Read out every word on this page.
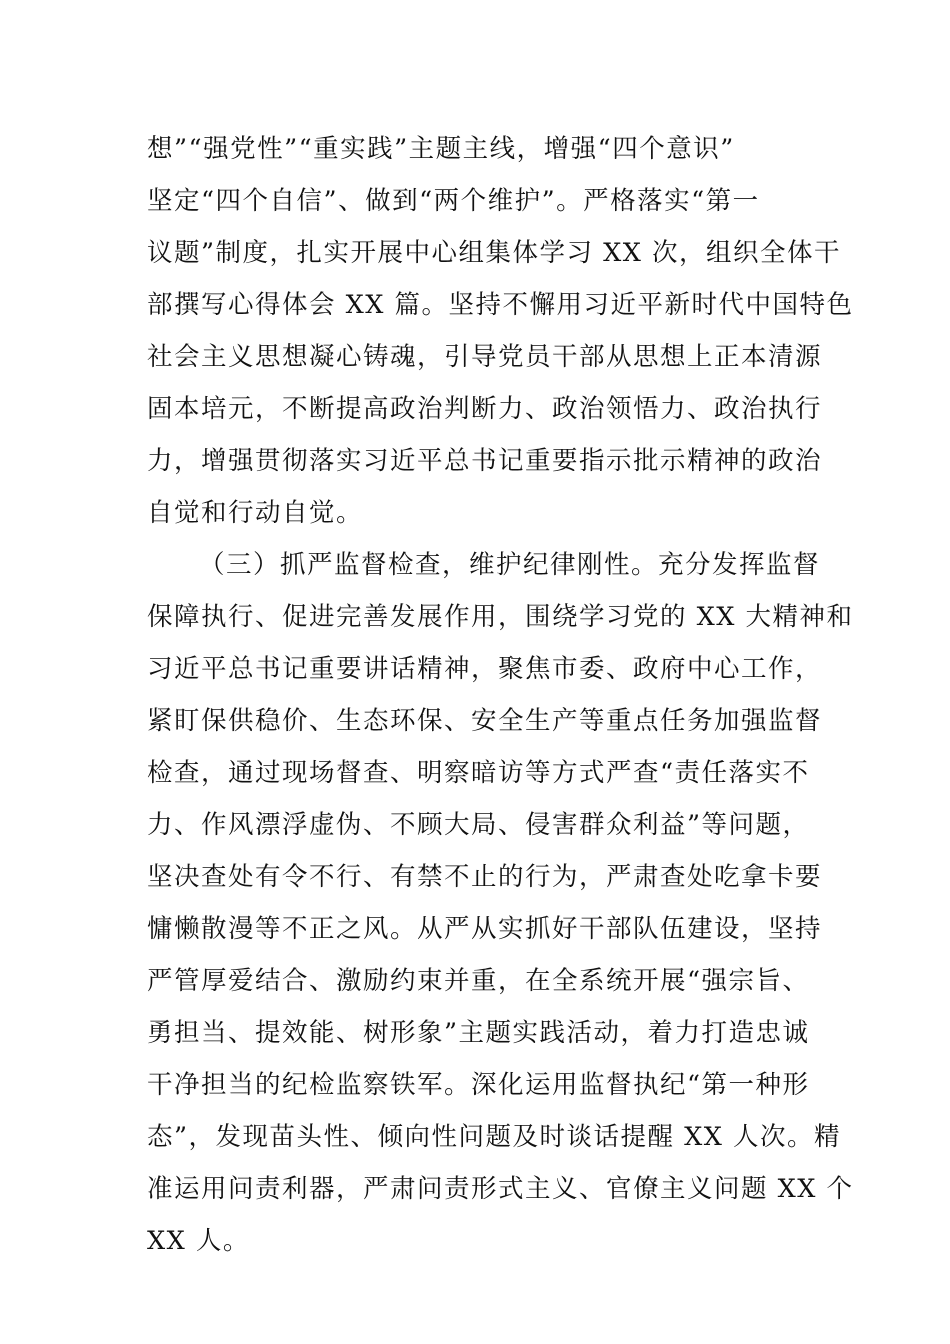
想”“强党性”“重实践”主题主线，增强“四个意识”
坚定“四个自信”、做到“两个维护”。严格落实“第一
议题”制度，扎实开展中心组集体学习 XX 次，组织全体干
部撰写心得体会 XX 篇。坚持不懈用习近平新时代中国特色
社会主义思想凝心铸魂，引导党员干部从思想上正本清源
固本培元，不断提高政治判断力、政治领悟力、政治执行
力，增强贯彻落实习近平总书记重要指示批示精神的政治
自觉和行动自觉。
（三）抓严监督检查，维护纪律刚性。充分发挥监督
保障执行、促进完善发展作用，围绕学习党的 XX 大精神和
习近平总书记重要讲话精神，聚焦市委、政府中心工作，
紧盯保供稳价、生态环保、安全生产等重点任务加强监督
检查，通过现场督查、明察暗访等方式严查“责任落实不
力、作风漂浮虚伪、不顾大局、侵害群众利益”等问题，
坚决查处有令不行、有禁不止的行为，严肃查处吃拿卡要
慵懒散漫等不正之风。从严从实抓好干部队伍建设，坚持
严管厚爱结合、激励约束并重，在全系统开展“强宗旨、
勇担当、提效能、树形象”主题实践活动，着力打造忠诚
干净担当的纪检监察铁军。深化运用监督执纪“第一种形
态”，发现苗头性、倾向性问题及时谈话提醒 XX 人次。精
准运用问责利器，严肃问责形式主义、官僚主义问题 XX 个
XX 人。
